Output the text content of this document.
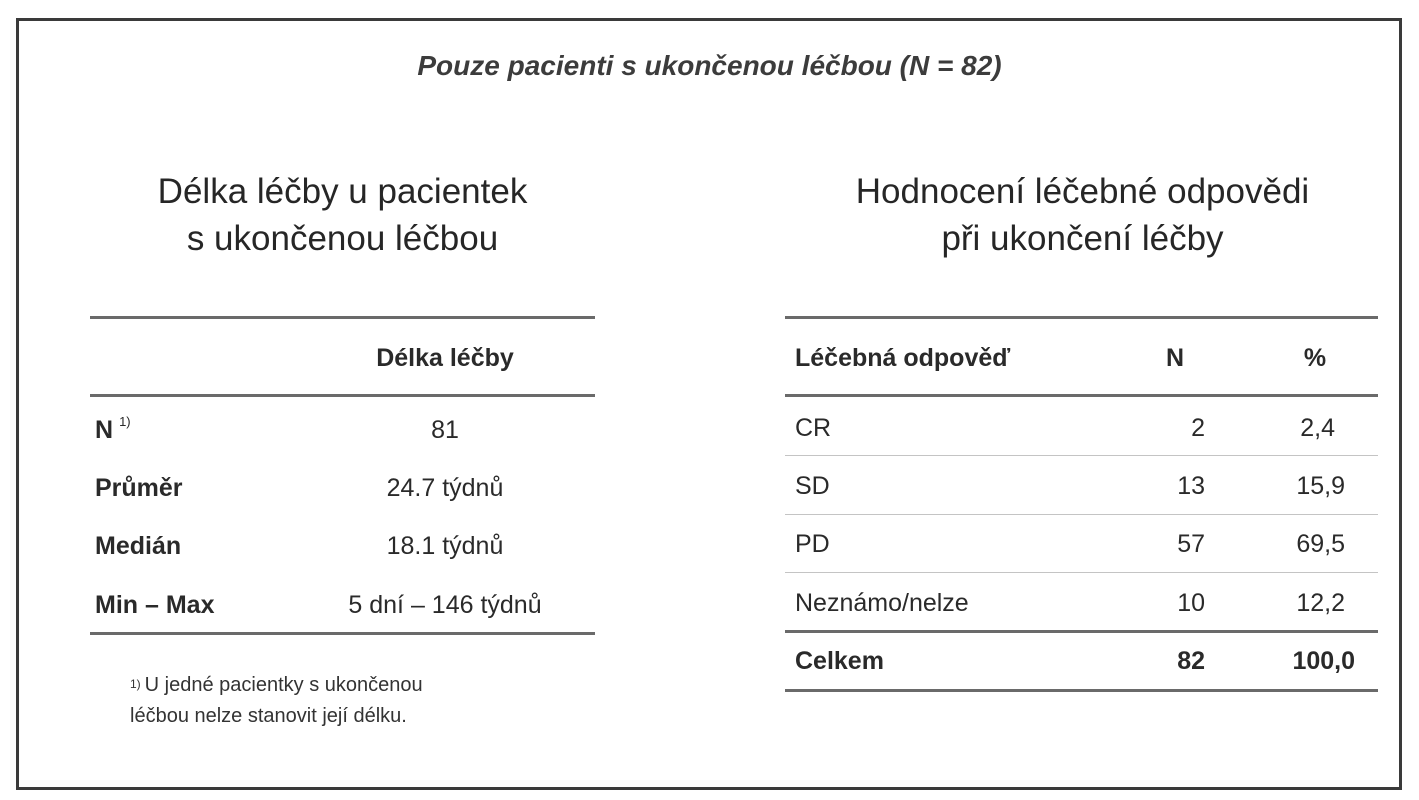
Pouze pacienti s ukončenou léčbou (N = 82)
Délka léčby u pacientek
s ukončenou léčbou
Délka léčby
N $^{1)}$	81
Průměr	24.7 týdnů
Medián	18.1 týdnů
Min – Max	5 dní – 146 týdnů
$^{1)}$ U jedné pacientky s ukončenou
léčbou nelze stanovit její délku.
Hodnocení léčebné odpovědi
při ukončení léčby
Léčebná odpověď	N	%
CR	2	2,4
SD	13	15,9
PD	57	69,5
Neznámo/nelze	10	12,2
Celkem	82	100,0
